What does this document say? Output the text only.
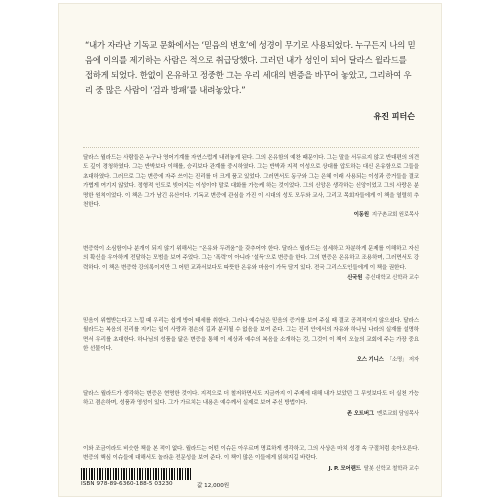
“내가 자라난 기독교 문화에서는 ‘믿음의 변호’에 성경이 무기로 사용되었다. 누구든지 나의 믿음에 이의를 제기하는 사람은 적으로 취급당했다. 그러던 내가 성인이 되어 달라스 윌라드를 접하게 되었다. 한없이 온유하고 정중한 그는 우리 세대의 변증을 바꾸어 놓았고, 그리하여 우리 중 많은 사람이 ‘검과 방패’를 내려놓았다.”
유진 피터슨

달라스 윌라드는 사람들은 누구나 영어기계를 자연스럽게 내려놓게 된다. 그의 온유함의 예찬 때문이다. 그는 말을 서두르지 않고 반대편의 의견도 깊이 경청하였다. 그는 반박보다 이해를, 승리보다 관계를 중시하였다. 그는 반박과 지적 이성으로 상대를 압도하는 대신 온유함으로 그들을 초대하였다. 그러므로 그는 변증에 자주 쓰이는 진리를 더 크게 품고 있었다. 그러면서도 동구와 그는 은혜 이래 사용되는 이성과 증거들을 결코 가볍게 여기지 않았다. 정형적 인도로 빚어지는 이성이야 말로 대화를 가능케 하는 것이었다. 그의 신앙은 생각하는 신앙이었고 그의 사랑은 분명한 원칙이었다. 이 책은 그가 남긴 유산이다. 기독교 변증에 관심을 가진 이 시대의 성도 모두와 교사, 그리고 목회자들에게 이 책을 열렬히 추천한다.

이동원 지구촌교회 원로목사

변증학이 소심함이나 분개이 되지 않기 위해서는 “온유와 두려움”을 갖추어야 한다. 달라스 윌라드는 섬세하고 차분하게 문제를 이해하고 자신의 확신을 우아하게 전달하는 모범을 보여 주었다. 그는 ‘폭력’이 아니라 ‘설득’으로 변증을 한다. 그의 변증은 온유하고 조용하며, 그러면서도 강력하다. 이 책은 변증학 강의록이지만 그 어떤 교과서보다도 따뜻한 온유와 마음이 가득 담겨 있다. 전국 그리스도인들에게 이 책을 권한다.

신국원 총신대학교 신학과 교수

믿음이 위협받는다고 느낄 때 우리는 쉽게 방어 태세를 취한다. 그러나 예수님은 믿음의 증거를 보여 주실 때 결코 공격적이지 않으셨다. 달라스 윌라드는 복음의 진리를 지키는 일이 사랑과 겸손의 길과 분리될 수 없음을 보여 준다. 그는 진리 안에서의 자유와 하나님 나라의 실재를 설명하면서 우리를 초대한다. 하나님의 성품을 닮은 변증을 통해 이 세상과 예수의 복음을 소개하는 것, 그것이 이 책이 오늘의 교회에 주는 가장 중요한 선물이다.

오스 기니스 「소명」 저자

달라스 윌라드가 생각하는 변증은 현명한 것이다. 지적으로 더 철저하면서도 지금까지 이 주제에 대해 내가 보았던 그 무엇보다도 더 실천 가능하고 겸손하며, 성품과 영성이 있다. 그가 가르치는 내용은 예수께서 실제로 보여 주신 방법이다.

존 오트버그 멘로교회 담임목사

이와 조금이라도 비슷한 책을 본 적이 없다. 윌라드는 어떤 이슈든 아우르며 명료하게 생각하고, 그의 사상은 마치 성경 속 구절처럼 솟아오른다. 변증의 핵심 이슈들에 대해서도 놀라운 전문성을 보여 준다. 이 책이 많은 이들에게 읽혀지길 바란다.

J. P. 모어랜드 탈봇 신학교 철학과 교수
ISBN 978-89-6360-188-5 03230	값 12,000원
